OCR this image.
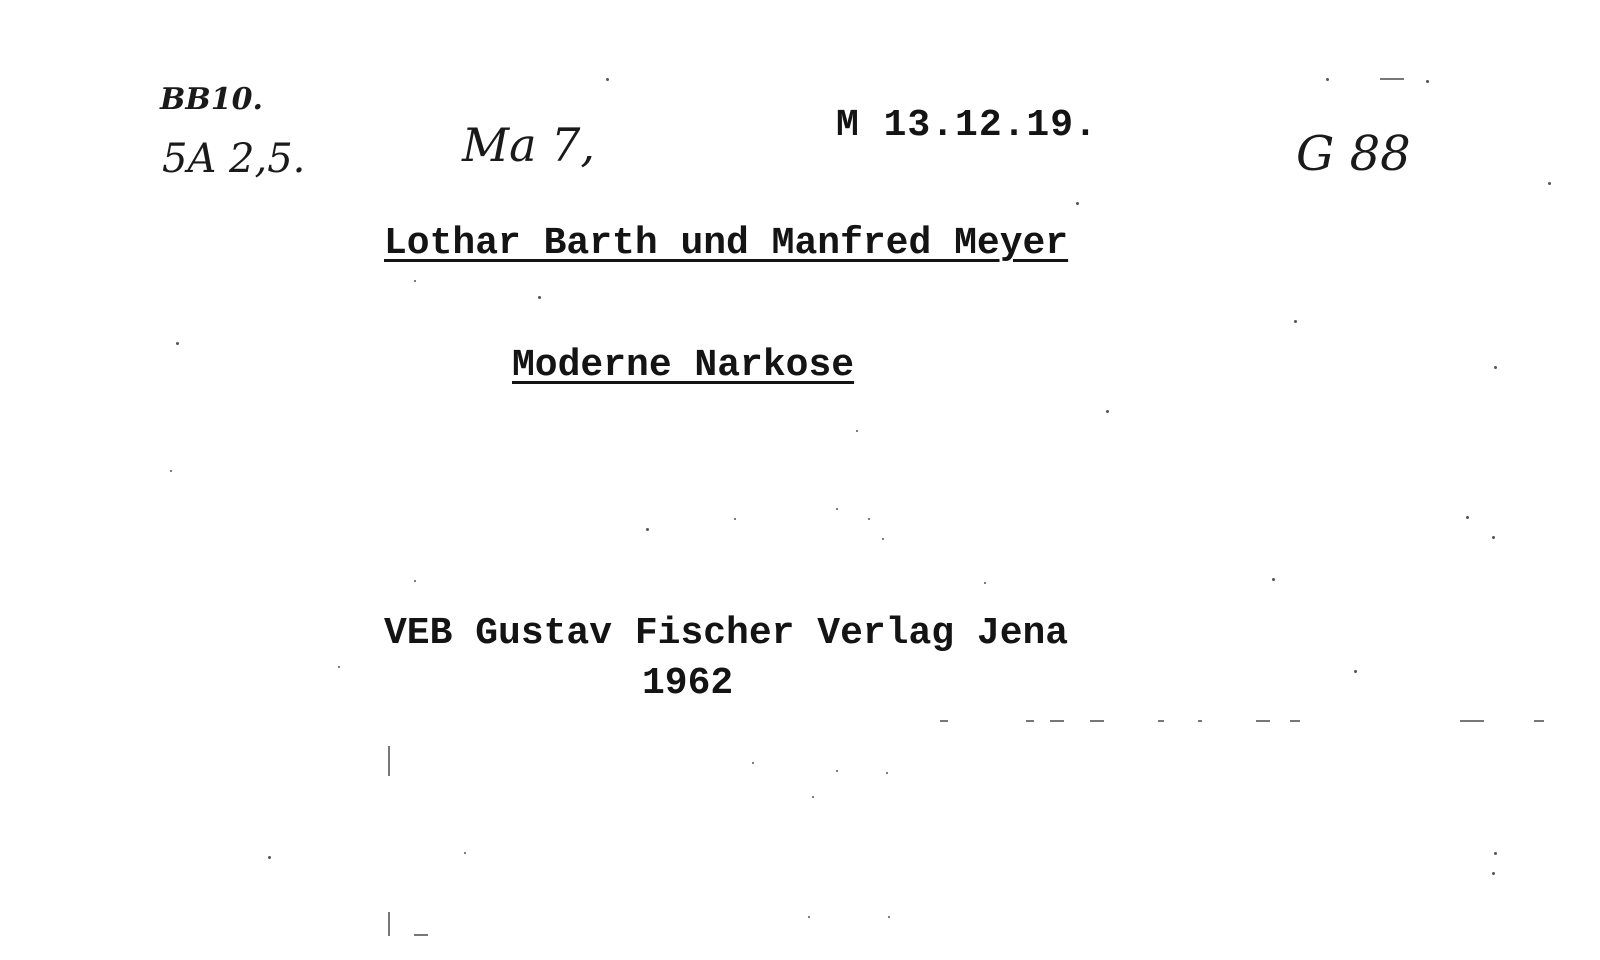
BB10.
5A 2,5.	Ma 7,	M 13.12.19.
G 88
Lothar Barth und Manfred Meyer
Moderne Narkose
VEB Gustav Fischer Verlag Jena
1962
